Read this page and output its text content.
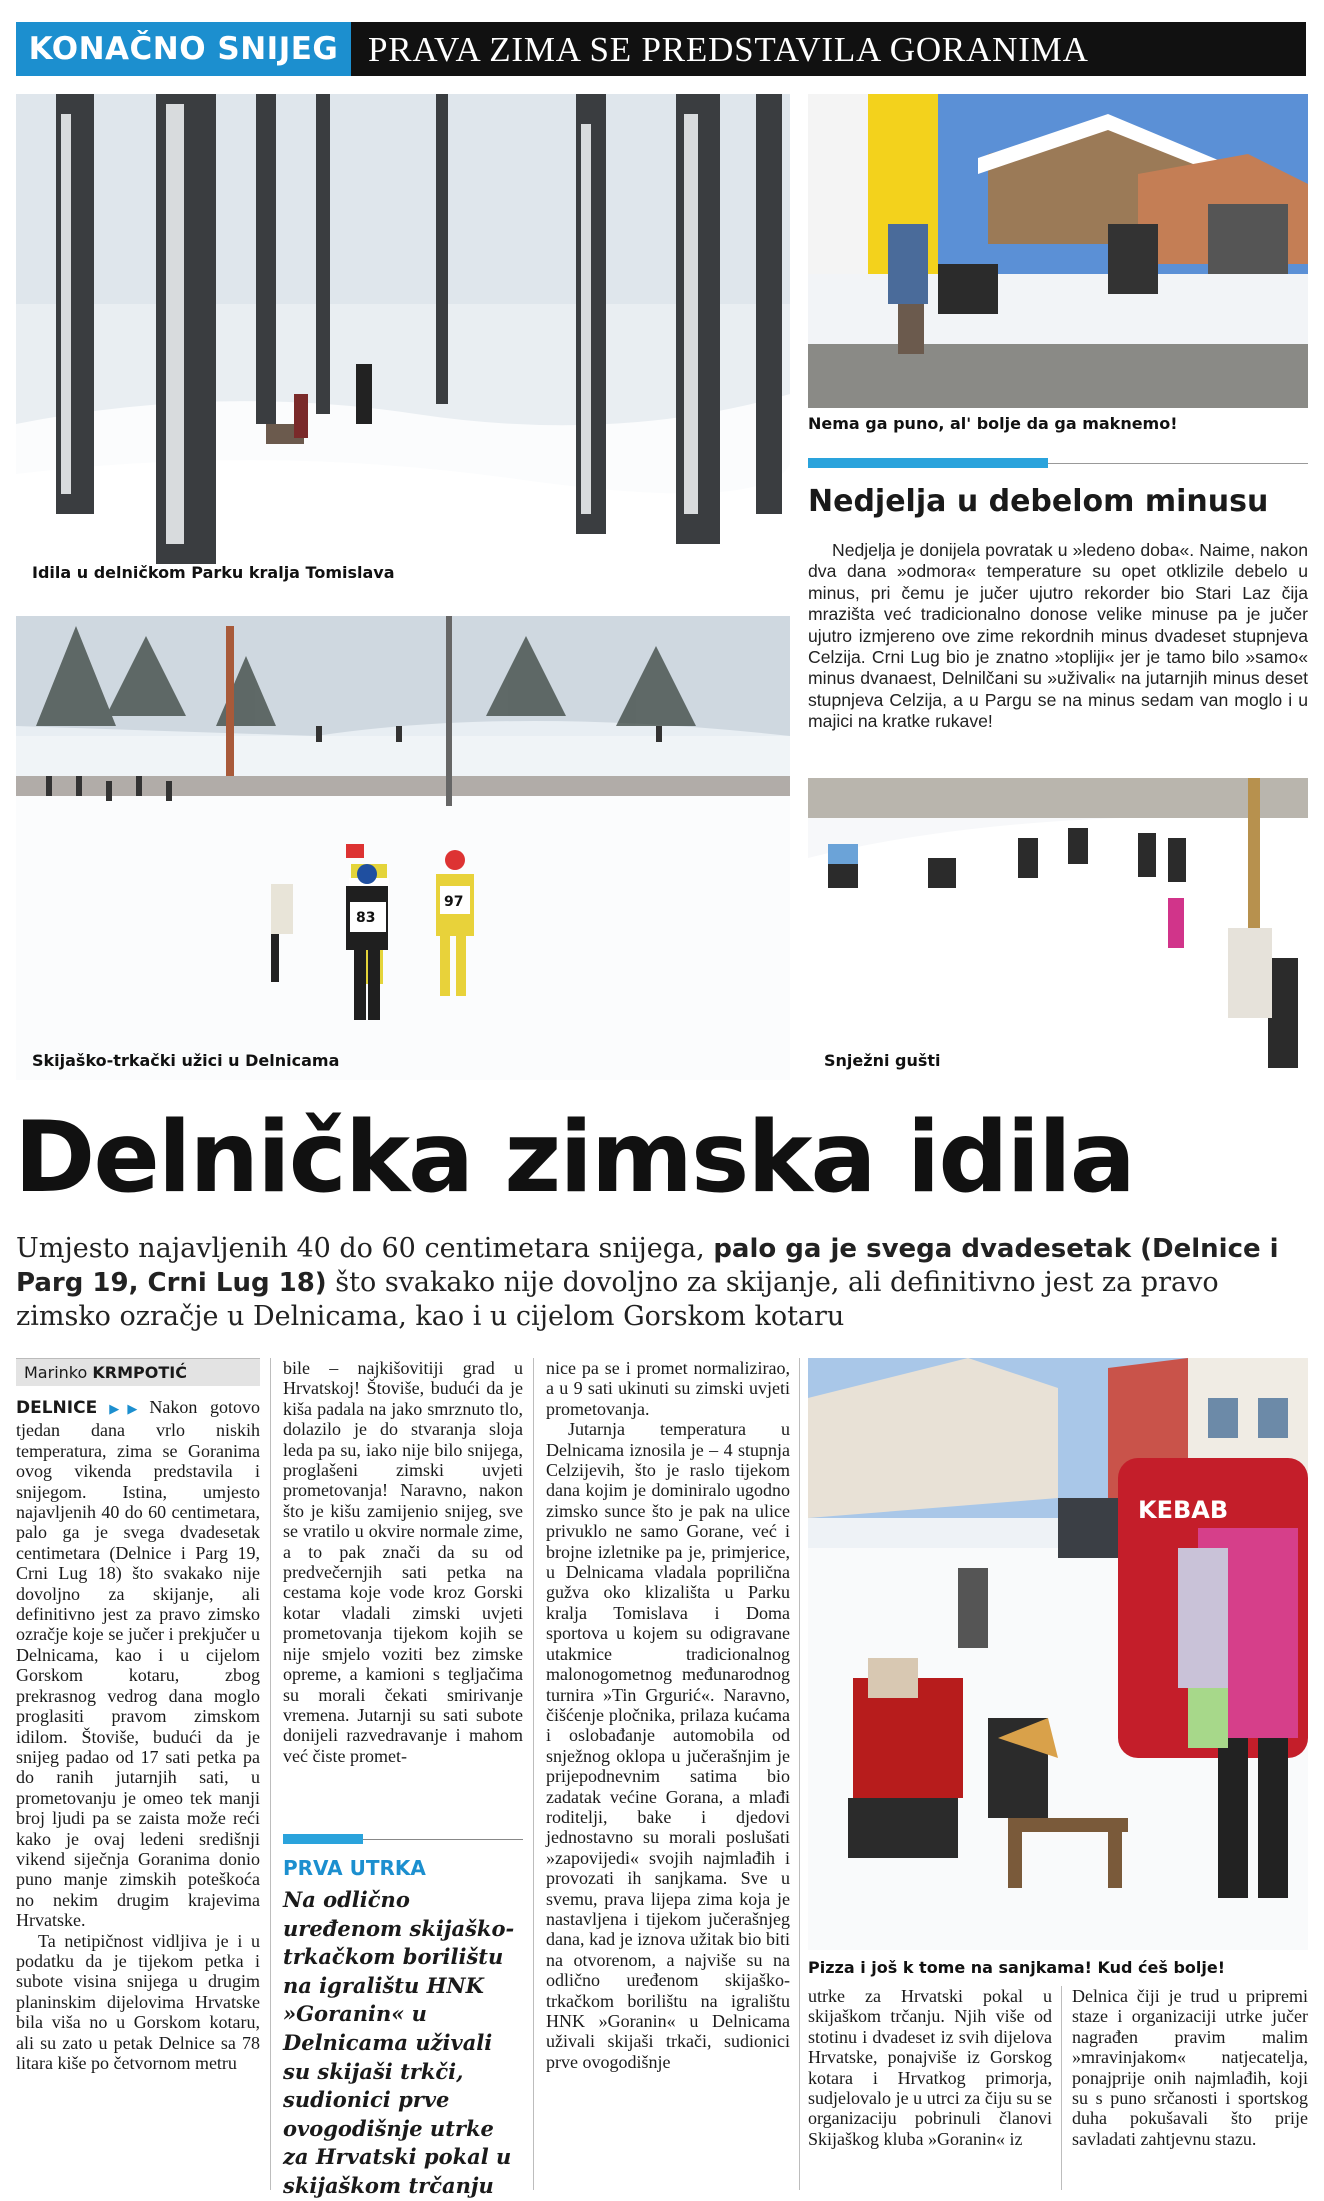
KONAČNO SNIJEG PRAVA ZIMA SE PREDSTAVILA GORANIMA
Idila u delničkom Parku kralja Tomislava
Nema ga puno, al' bolje da ga maknemo!
Nedjelja u debelom minusu
Nedjelja je donijela povratak u »ledeno doba«. Naime, nakon dva dana »odmora« temperature su opet otklizile debelo u minus, pri čemu je jučer ujutro rekorder bio Stari Laz čija mrazišta već tradicionalno donose velike minuse pa je jučer ujutro izmjereno ove zime rekordnih minus dvadeset stupnjeva Celzija. Crni Lug bio je znatno »topliji« jer je tamo bilo »samo« minus dvanaest, Delnilčani su »uživali« na jutarnjih minus deset stupnjeva Celzija, a u Pargu se na minus sedam van moglo i u majici na kratke rukave!
83
97
Skijaško-trkački užici u Delnicama	Snježni gušti
Delnička zimska idila
Umjesto najavljenih 40 do 60 centimetara snijega, palo ga je svega dvadesetak (Delnice i Parg 19, Crni Lug 18) što svakako nije dovoljno za skijanje, ali definitivno jest za pravo zimsko ozračje u Delnicama, kao i u cijelom Gorskom kotaru
Marinko KRMPOTIĆ

DELNICE ▶▶ Nakon gotovo tjedan dana vrlo niskih temperatura, zima se Goranima ovog vikenda predstavila i snijegom. Istina, umjesto najavljenih 40 do 60 centimetara, palo ga je svega dvadesetak centimetara (Delnice i Parg 19, Crni Lug 18) što svakako nije dovoljno za skijanje, ali definitivno jest za pravo zimsko ozračje koje se jučer i prekjučer u Delnicama, kao i u cijelom Gorskom kotaru, zbog prekrasnog vedrog dana moglo proglasiti pravom zimskom idilom. Štoviše, budući da je snijeg padao od 17 sati petka pa do ranih jutarnjih sati, u prometovanju je omeo tek manji broj ljudi pa se zaista može reći kako je ovaj ledeni središnji vikend siječnja Goranima donio puno manje zimskih poteškoća no nekim drugim krajevima Hrvatske.

Ta netipičnost vidljiva je i u podatku da je tijekom petka i subote visina snijega u drugim planinskim dijelovima Hrvatske bila viša no u Gorskom kotaru, ali su zato u petak Delnice sa 78 litara kiše po četvornom metru

bile – najkišovitiji grad u Hrvatskoj! Štoviše, budući da je kiša padala na jako smrznuto tlo, dolazilo je do stvaranja sloja leda pa su, iako nije bilo snijega, proglašeni zimski uvjeti prometovanja! Naravno, nakon što je kišu zamijenio snijeg, sve se vratilo u okvire normale zime, a to pak znači da su od predvečernjih sati petka na cestama koje vode kroz Gorski kotar vladali zimski uvjeti prometovanja tijekom kojih se nije smjelo voziti bez zimske opreme, a kamioni s tegljačima su morali čekati smirivanje vremena. Jutarnji su sati subote donijeli razvedravanje i mahom već čiste promet-

PRVA UTRKA
Na odlično uređenom skijaško-trkačkom borilištu na igralištu HNK »Goranin« u Delnicama uživali su skijaši trkči, sudionici prve ovogodišnje utrke za Hrvatski pokal u skijaškom trčanju

nice pa se i promet normalizirao, a u 9 sati ukinuti su zimski uvjeti prometovanja.

Jutarnja temperatura u Delnicama iznosila je – 4 stupnja Celzijevih, što je raslo tijekom dana kojim je dominiralo ugodno zimsko sunce što je pak na ulice privuklo ne samo Gorane, već i brojne izletnike pa je, primjerice, u Delnicama vladala poprilična gužva oko klizališta u Parku kralja Tomislava i Doma sportova u kojem su odigravane utakmice tradicionalnog malonogometnog međunarodnog turnira »Tin Grgurić«. Naravno, čišćenje pločnika, prilaza kućama i oslobađanje automobila od snježnog oklopa u jučerašnjim je prijepodnevnim satima bio zadatak većine Gorana, a mlađi roditelji, bake i djedovi jednostavno su morali poslušati »zapovijedi« svojih najmlađih i provozati ih sanjkama. Sve u svemu, prava lijepa zima koja je nastavljena i tijekom jučerašnjeg dana, kad je iznova užitak bio biti na otvorenom, a najviše su na odlično uređenom skijaško-trkačkom borilištu na igralištu HNK »Goranin« u Delnicama uživali skijaši trkači, sudionici prve ovogodišnje

KEBAB
Pizza i još k tome na sanjkama! Kud ćeš bolje!

utrke za Hrvatski pokal u skijaškom trčanju. Njih više od stotinu i dvadeset iz svih dijelova Hrvatske, ponajviše iz Gorskog kotara i Hrvatkog primorja, sudjelovalo je u utrci za čiju su se organizaciju pobrinuli članovi Skijaškog kluba »Goranin« iz

Delnica čiji je trud u pripremi staze i organizaciji utrke jučer nagrađen pravim malim »mravinjakom« natjecatelja, ponajprije onih najmlađih, koji su s puno srčanosti i sportskog duha pokušavali što prije savladati zahtjevnu stazu.
